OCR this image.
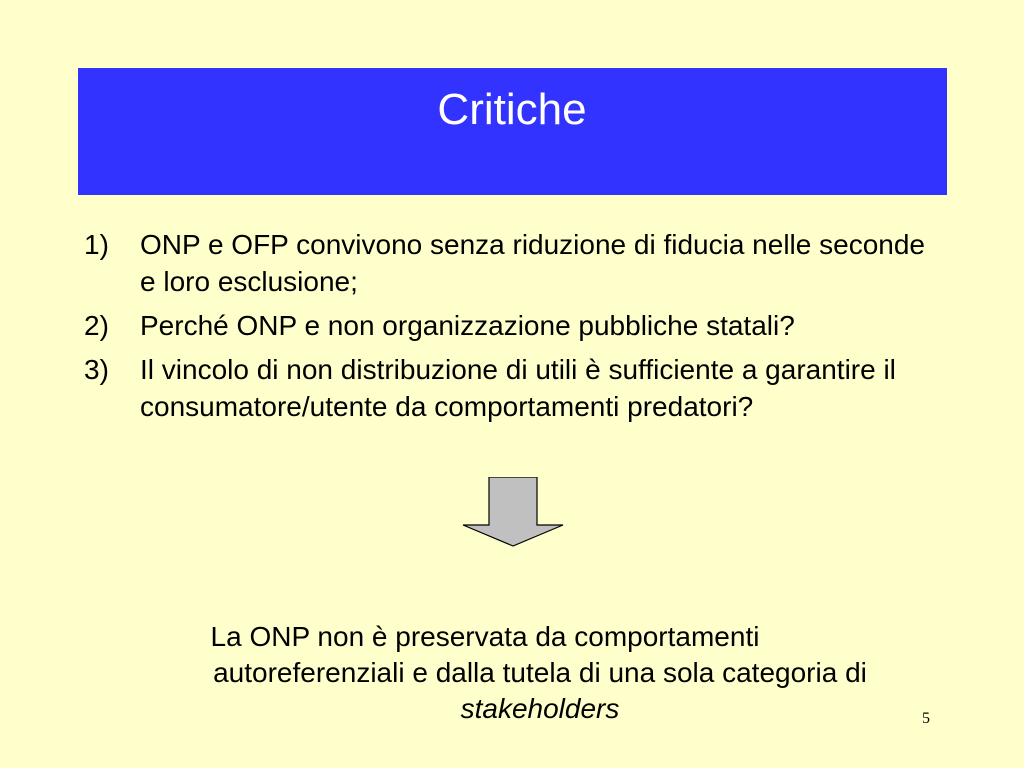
Critiche
1) ONP e OFP convivono senza riduzione di fiducia nelle seconde e loro esclusione;
2) Perché ONP e non organizzazione pubbliche statali?
3) Il vincolo di non distribuzione di utili è sufficiente a garantire il consumatore/utente da comportamenti predatori?
La ONP non è preservata da comportamenti
autoreferenziali e dalla tutela di una sola categoria di
stakeholders	5
